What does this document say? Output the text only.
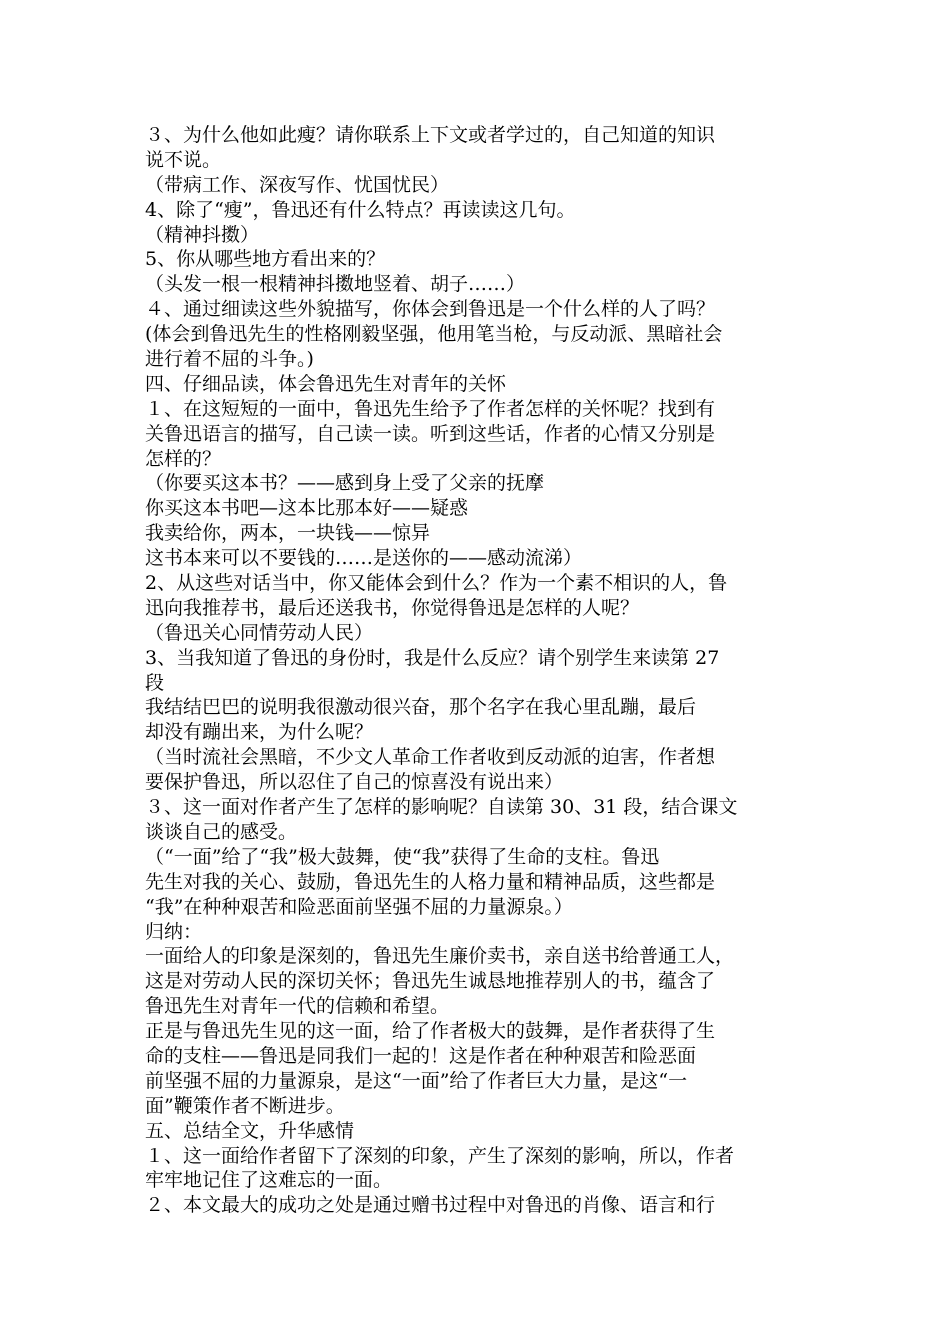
３、为什么他如此瘦？请你联系上下文或者学过的，自己知道的知识
说不说。
（带病工作、深夜写作、忧国忧民）
4、除了“瘦”，鲁迅还有什么特点？再读读这几句。
（精神抖擞）
5、你从哪些地方看出来的？
（头发一根一根精神抖擞地竖着、胡子……）
４、通过细读这些外貌描写，你体会到鲁迅是一个什么样的人了吗？
(体会到鲁迅先生的性格刚毅坚强，他用笔当枪，与反动派、黑暗社会
进行着不屈的斗争。)
四、仔细品读，体会鲁迅先生对青年的关怀
１、在这短短的一面中，鲁迅先生给予了作者怎样的关怀呢？找到有
关鲁迅语言的描写，自己读一读。听到这些话，作者的心情又分别是
怎样的？
（你要买这本书？——感到身上受了父亲的抚摩
你买这本书吧—这本比那本好——疑惑
我卖给你，两本，一块钱——惊异
这书本来可以不要钱的……是送你的——感动流涕）
2、从这些对话当中，你又能体会到什么？作为一个素不相识的人，鲁
迅向我推荐书，最后还送我书，你觉得鲁迅是怎样的人呢？
（鲁迅关心同情劳动人民）
3、当我知道了鲁迅的身份时，我是什么反应？请个别学生来读第 27
段
我结结巴巴的说明我很激动很兴奋，那个名字在我心里乱蹦，最后
却没有蹦出来，为什么呢？
（当时流社会黑暗，不少文人革命工作者收到反动派的迫害，作者想
要保护鲁迅，所以忍住了自己的惊喜没有说出来）
３、这一面对作者产生了怎样的影响呢？自读第 30、31 段，结合课文
谈谈自己的感受。
（“一面”给了“我”极大鼓舞，使“我”获得了生命的支柱。鲁迅
先生对我的关心、鼓励，鲁迅先生的人格力量和精神品质，这些都是
“我”在种种艰苦和险恶面前坚强不屈的力量源泉。）
归纳：
一面给人的印象是深刻的，鲁迅先生廉价卖书，亲自送书给普通工人，
这是对劳动人民的深切关怀；鲁迅先生诚恳地推荐别人的书，蕴含了
鲁迅先生对青年一代的信赖和希望。
正是与鲁迅先生见的这一面，给了作者极大的鼓舞，是作者获得了生
命的支柱——鲁迅是同我们一起的！这是作者在种种艰苦和险恶面
前坚强不屈的力量源泉，是这“一面”给了作者巨大力量，是这“一
面”鞭策作者不断进步。
五、总结全文，升华感情
１、这一面给作者留下了深刻的印象，产生了深刻的影响，所以，作者
牢牢地记住了这难忘的一面。
２、本文最大的成功之处是通过赠书过程中对鲁迅的肖像、语言和行
